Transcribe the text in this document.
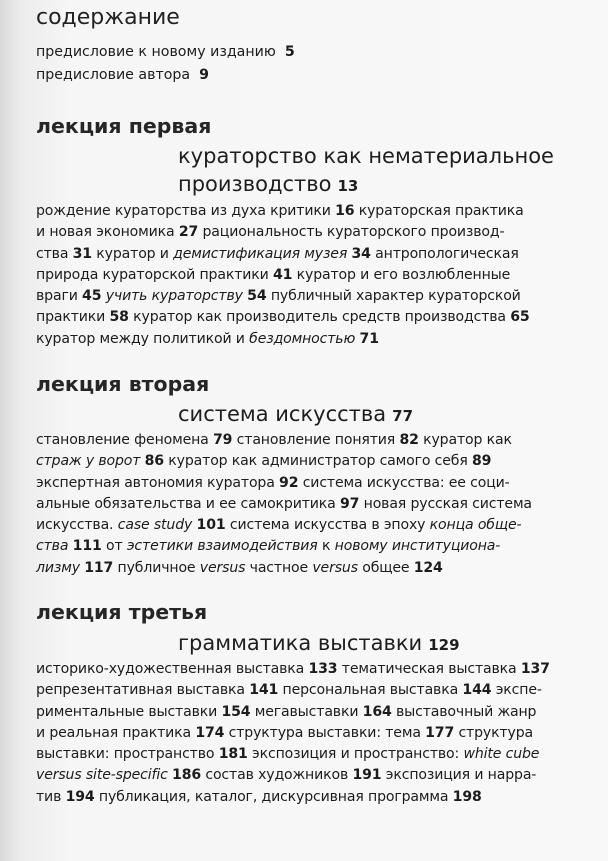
содержание
предисловие к новому изданию 5
предисловие автора 9
лекция первая
кураторство как нематериальное
производство 13
рождение кураторства из духа критики 16 кураторская практика
и новая экономика 27 рациональность кураторского производ-
ства 31 куратор и демистификация музея 34 антропологическая
природа кураторской практики 41 куратор и его возлюбленные
враги 45 учить кураторству 54 публичный характер кураторской
практики 58 куратор как производитель средств производства 65
куратор между политикой и бездомностью 71
лекция вторая
система искусства 77
становление феномена 79 становление понятия 82 куратор как
страж у ворот 86 куратор как администратор самого себя 89
экспертная автономия куратора 92 система искусства: ее соци-
альные обязательства и ее самокритика 97 новая русская система
искусства. case study 101 система искусства в эпоху конца обще-
ства 111 от эстетики взаимодействия к новому институциона-
лизму 117 публичное versus частное versus общее 124
лекция третья
грамматика выставки 129
историко-художественная выставка 133 тематическая выставка 137
репрезентативная выставка 141 персональная выставка 144 экспе-
риментальные выставки 154 мегавыставки 164 выставочный жанр
и реальная практика 174 структура выставки: тема 177 структура
выставки: пространство 181 экспозиция и пространство: white cube
versus site-specific 186 состав художников 191 экспозиция и нарра-
тив 194 публикация, каталог, дискурсивная программа 198
